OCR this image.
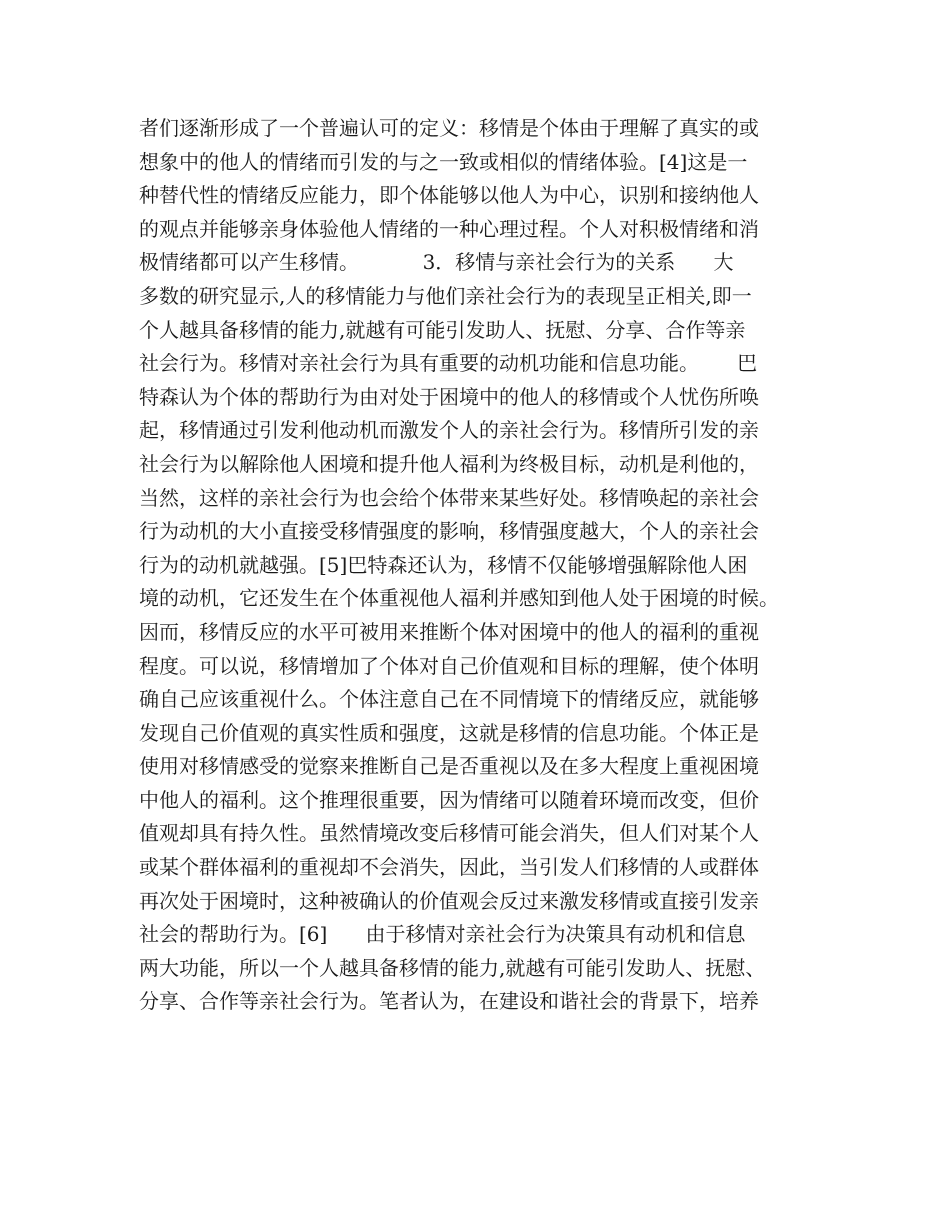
者们逐渐形成了一个普遍认可的定义：移情是个体由于理解了真实的或
想象中的他人的情绪而引发的与之一致或相似的情绪体验。[4]这是一
种替代性的情绪反应能力，即个体能够以他人为中心，识别和接纳他人
的观点并能够亲身体验他人情绪的一种心理过程。个人对积极情绪和消
极情绪都可以产生移情。          3．移情与亲社会行为的关系      大
多数的研究显示,人的移情能力与他们亲社会行为的表现呈正相关,即一
个人越具备移情的能力,就越有可能引发助人、抚慰、分享、合作等亲
社会行为。移情对亲社会行为具有重要的动机功能和信息功能。      巴
特森认为个体的帮助行为由对处于困境中的他人的移情或个人忧伤所唤
起，移情通过引发利他动机而激发个人的亲社会行为。移情所引发的亲
社会行为以解除他人困境和提升他人福利为终极目标，动机是利他的，
当然，这样的亲社会行为也会给个体带来某些好处。移情唤起的亲社会
行为动机的大小直接受移情强度的影响，移情强度越大，个人的亲社会
行为的动机就越强。[5]巴特森还认为，移情不仅能够增强解除他人困
境的动机，它还发生在个体重视他人福利并感知到他人处于困境的时候。
因而，移情反应的水平可被用来推断个体对困境中的他人的福利的重视
程度。可以说，移情增加了个体对自己价值观和目标的理解，使个体明
确自己应该重视什么。个体注意自己在不同情境下的情绪反应，就能够
发现自己价值观的真实性质和强度，这就是移情的信息功能。个体正是
使用对移情感受的觉察来推断自己是否重视以及在多大程度上重视困境
中他人的福利。这个推理很重要，因为情绪可以随着环境而改变，但价
值观却具有持久性。虽然情境改变后移情可能会消失，但人们对某个人
或某个群体福利的重视却不会消失，因此，当引发人们移情的人或群体
再次处于困境时，这种被确认的价值观会反过来激发移情或直接引发亲
社会的帮助行为。[6]      由于移情对亲社会行为决策具有动机和信息
两大功能，所以一个人越具备移情的能力,就越有可能引发助人、抚慰、
分享、合作等亲社会行为。笔者认为，在建设和谐社会的背景下，培养
